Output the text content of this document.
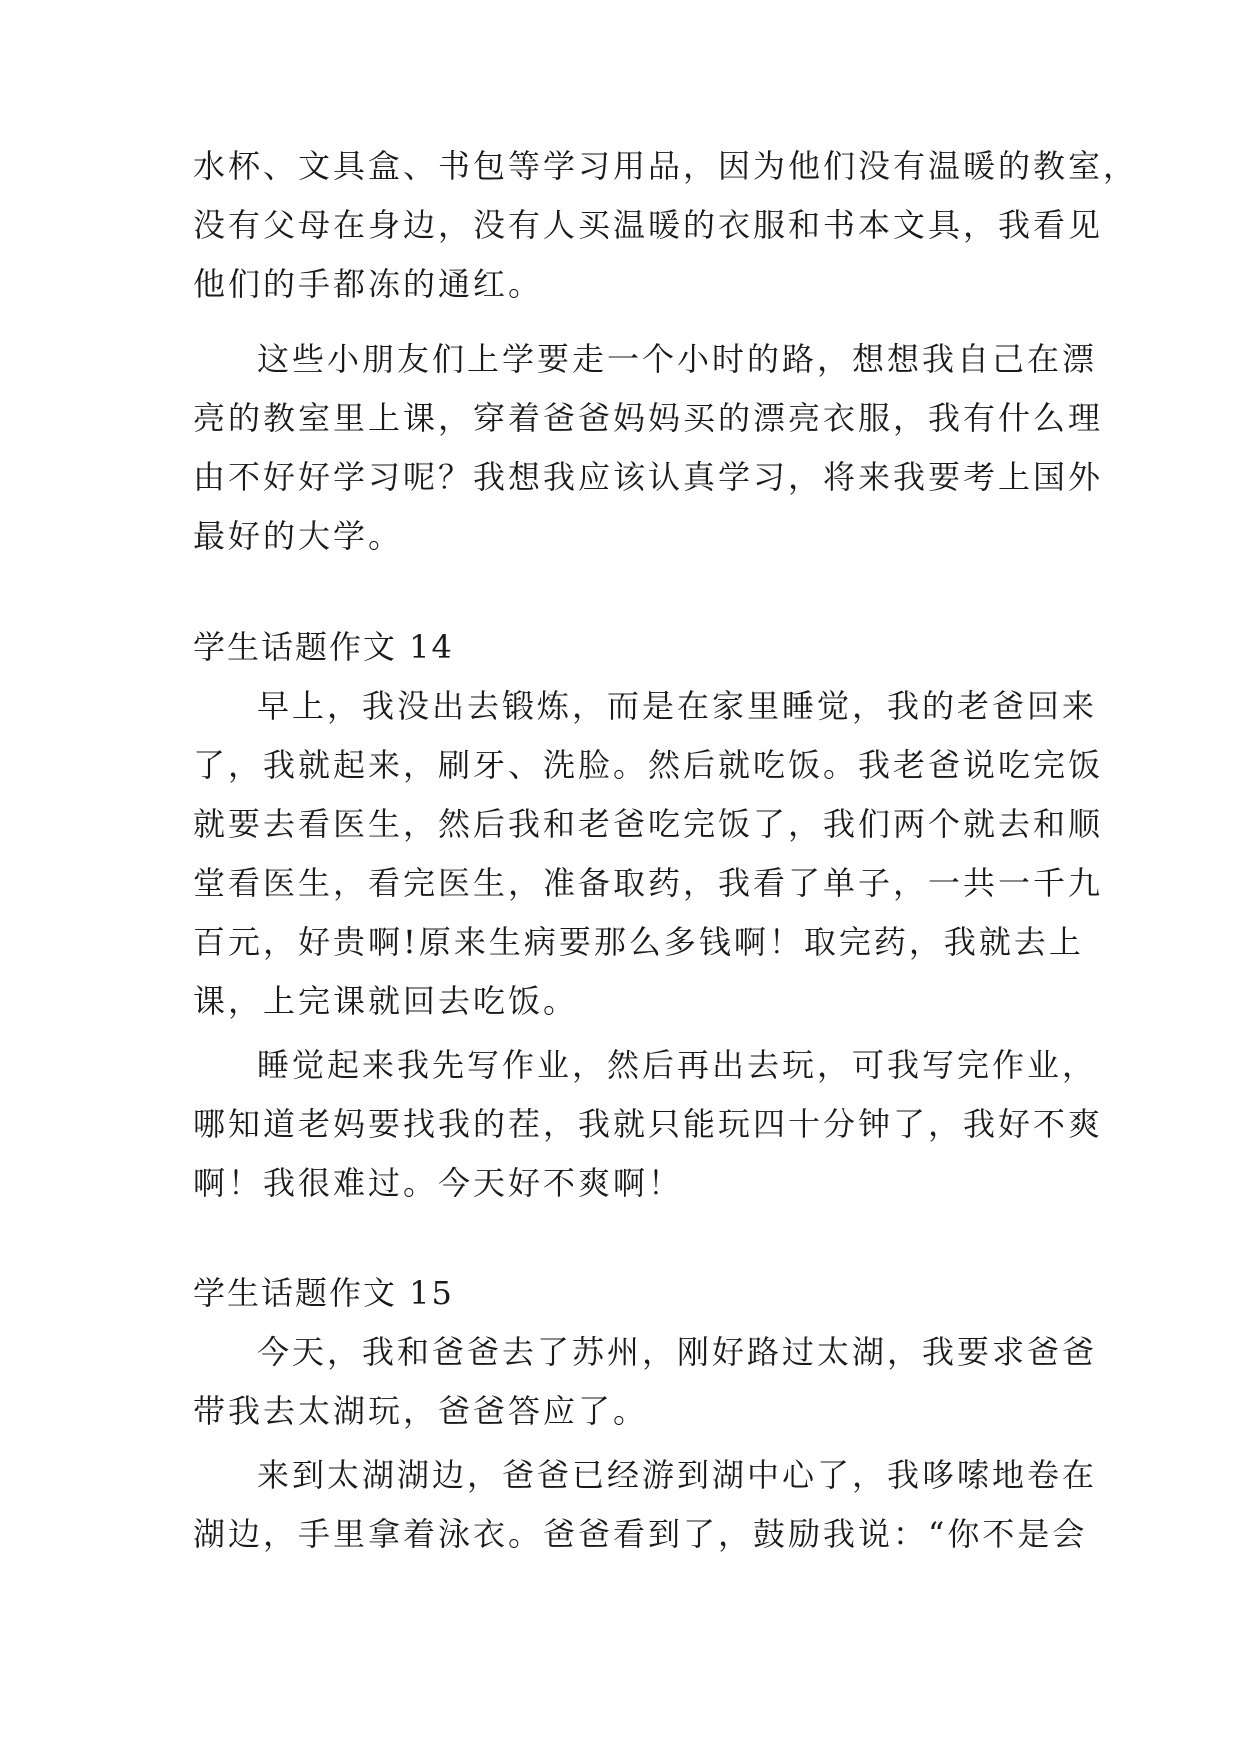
水杯、文具盒、书包等学习用品，因为他们没有温暖的教室，
没有父母在身边，没有人买温暖的衣服和书本文具，我看见
他们的手都冻的通红。
这些小朋友们上学要走一个小时的路，想想我自己在漂
亮的教室里上课，穿着爸爸妈妈买的漂亮衣服，我有什么理
由不好好学习呢？我想我应该认真学习，将来我要考上国外
最好的大学。
学生话题作文 14
早上，我没出去锻炼，而是在家里睡觉，我的老爸回来
了，我就起来，刷牙、洗脸。然后就吃饭。我老爸说吃完饭
就要去看医生，然后我和老爸吃完饭了，我们两个就去和顺
堂看医生，看完医生，准备取药，我看了单子，一共一千九
百元，好贵啊!原来生病要那么多钱啊！取完药，我就去上
课，上完课就回去吃饭。
睡觉起来我先写作业，然后再出去玩，可我写完作业，
哪知道老妈要找我的茬，我就只能玩四十分钟了，我好不爽
啊！我很难过。今天好不爽啊！
学生话题作文 15
今天，我和爸爸去了苏州，刚好路过太湖，我要求爸爸
带我去太湖玩，爸爸答应了。
来到太湖湖边，爸爸已经游到湖中心了，我哆嗦地卷在
湖边，手里拿着泳衣。爸爸看到了，鼓励我说：“你不是会
